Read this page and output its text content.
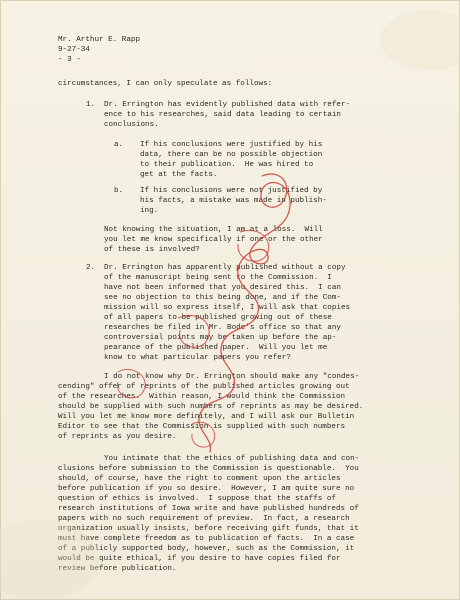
Mr. Arthur E. Rapp
9-27-34
- 3 -
circumstances, I can only speculate as follows:
1. Dr. Errington has evidently published data with refer-
ence to his researches, said data leading to certain
conclusions.
a. If his conclusions were justified by his
data, there can be no possible objection
to their publication.  He was hired to
get at the facts.
b. If his conclusions were not justified by
his facts, a mistake was made in publish-
ing.
Not knowing the situation, I am at a loss.  Will
you let me know specifically if one or the other
of these is involved?
2. Dr. Errington has apparently published without a copy
of the manuscript being sent to the Commission.  I
have not been informed that you desired this.  I can
see no objection to this being done, and if the Com-
mission will so express itself, I will ask that copies
of all papers to be published growing out of these
researches be filed in Mr. Bode's office so that any
controversial points may be taken up before the ap-
pearance of the published paper.  Will you let me
know to what particular papers you refer?
I do not know why Dr. Errington should make any "condes-
cending" offer of reprints of the published articles growing out
of the researches.  Within reason, I would think the Commission
should be supplied with such numbers of reprints as may be desired.
Will you let me know more definitely, and I will ask our Bulletin
Editor to see that the Commission is supplied with such numbers
of reprints as you desire.
You intimate that the ethics of publishing data and con-
clusions before submission to the Commission is questionable.  You
should, of course, have the right to comment upon the articles
before publication if you so desire.  However, I am quite sure no
question of ethics is involved.  I suppose that the staffs of
research institutions of Iowa write and have published hundreds of
papers with no such requirement of preview.  In fact, a research
organization usually insists, before receiving gift funds, that it
must have complete freedom as to publication of facts.  In a case
of a publicly supported body, however, such as the Commission, it
would be quite ethical, if you desire to have copies filed for
review before publication.
